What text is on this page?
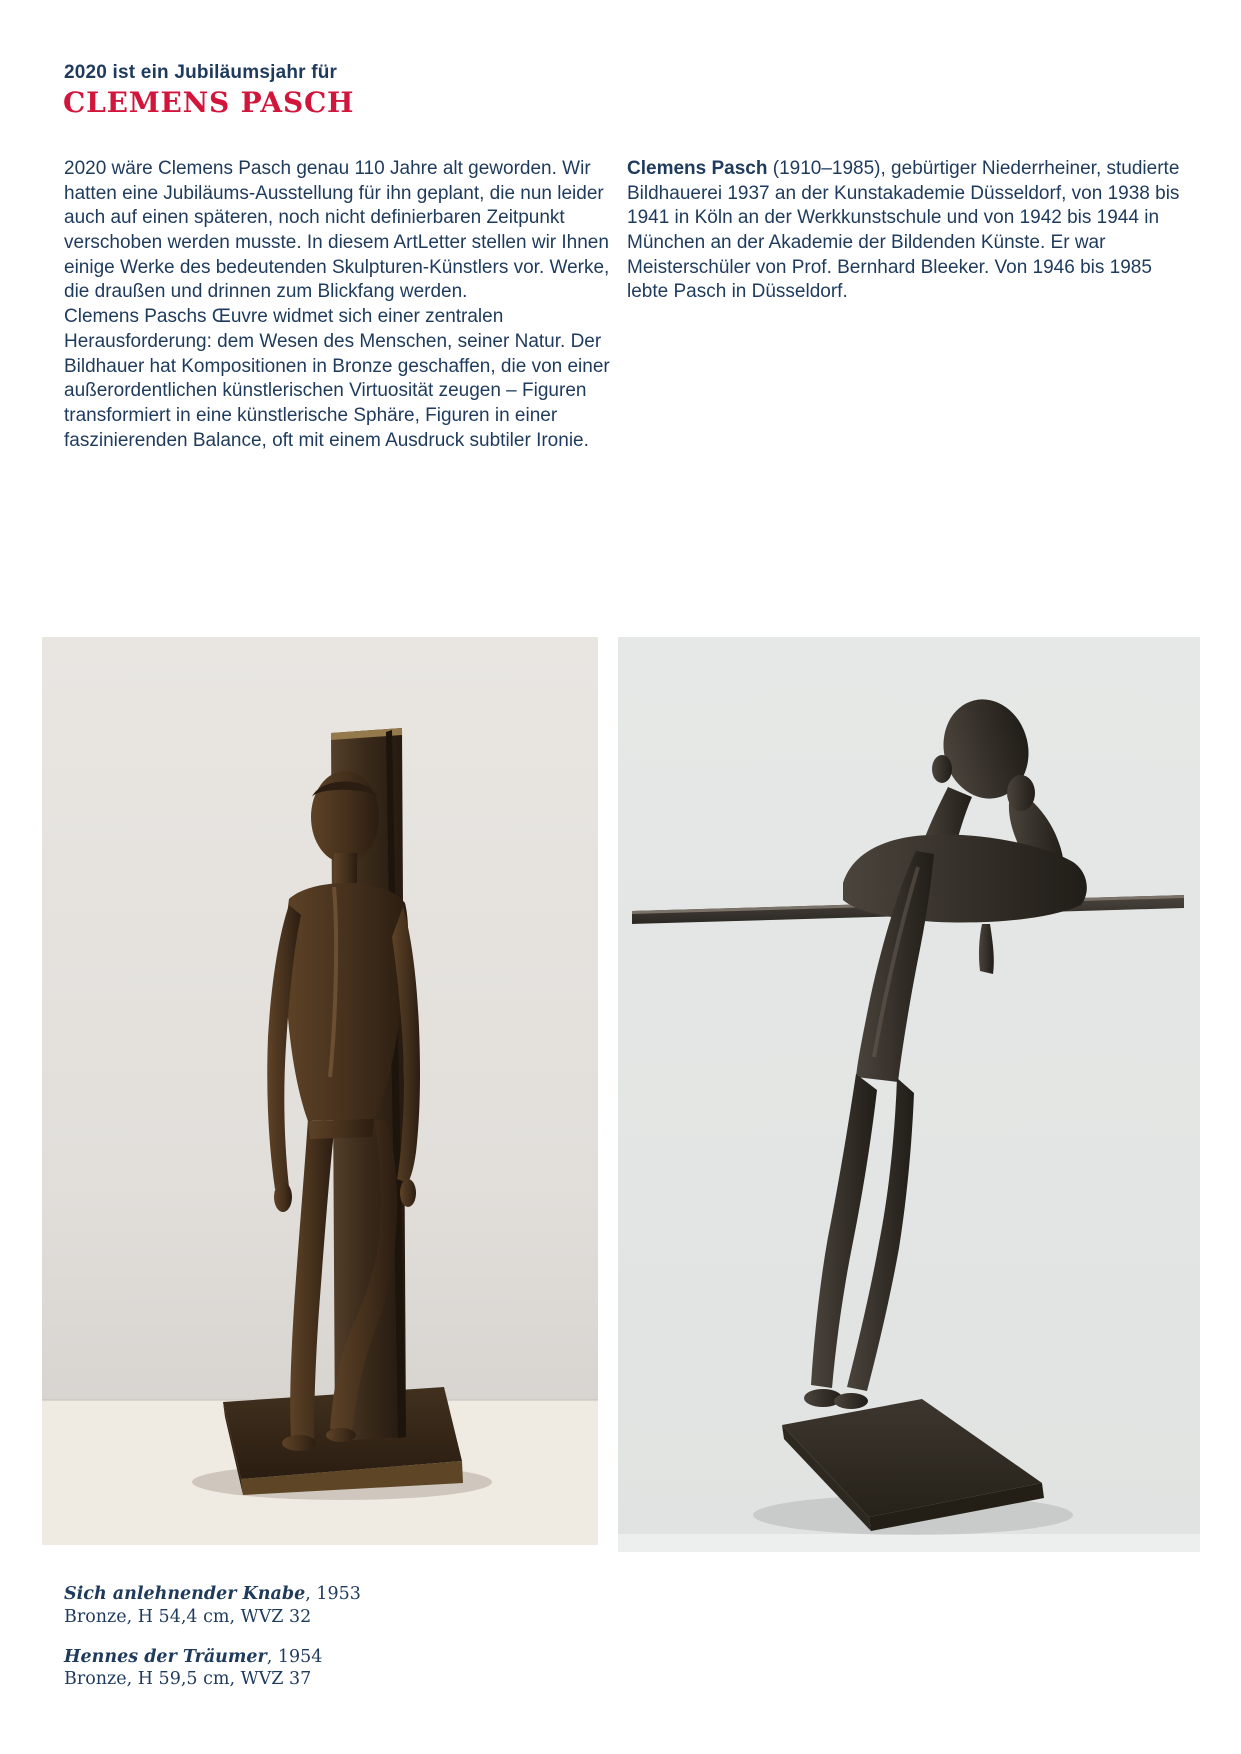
2020 ist ein Jubiläumsjahr für
CLEMENS PASCH

2020 wäre Clemens Pasch genau 110 Jahre alt geworden. Wir hatten eine Jubiläums-Ausstellung für ihn geplant, die nun leider auch auf einen späteren, noch nicht definierbaren Zeitpunkt verschoben werden musste. In diesem ArtLetter stellen wir Ihnen einige Werke des bedeutenden Skulpturen-Künstlers vor. Werke, die draußen und drinnen zum Blickfang werden.

Clemens Paschs Œuvre widmet sich einer zentralen Herausforderung: dem Wesen des Menschen, seiner Natur. Der Bildhauer hat Kompositionen in Bronze geschaffen, die von einer außerordentlichen künstlerischen Virtuosität zeugen – Figuren transformiert in eine künstlerische Sphäre, Figuren in einer faszinierenden Balance, oft mit einem Ausdruck subtiler Ironie.

Clemens Pasch (1910–1985), gebürtiger Niederrheiner, studierte Bildhauerei 1937 an der Kunstakademie Düsseldorf, von 1938 bis 1941 in Köln an der Werkkunstschule und von 1942 bis 1944 in München an der Akademie der Bildenden Künste. Er war Meisterschüler von Prof. Bernhard Bleeker. Von 1946 bis 1985 lebte Pasch in Düsseldorf.

Sich anlehnender Knabe, 1953
Bronze, H 54,4 cm, WVZ 32
Hennes der Träumer, 1954
Bronze, H 59,5 cm, WVZ 37
